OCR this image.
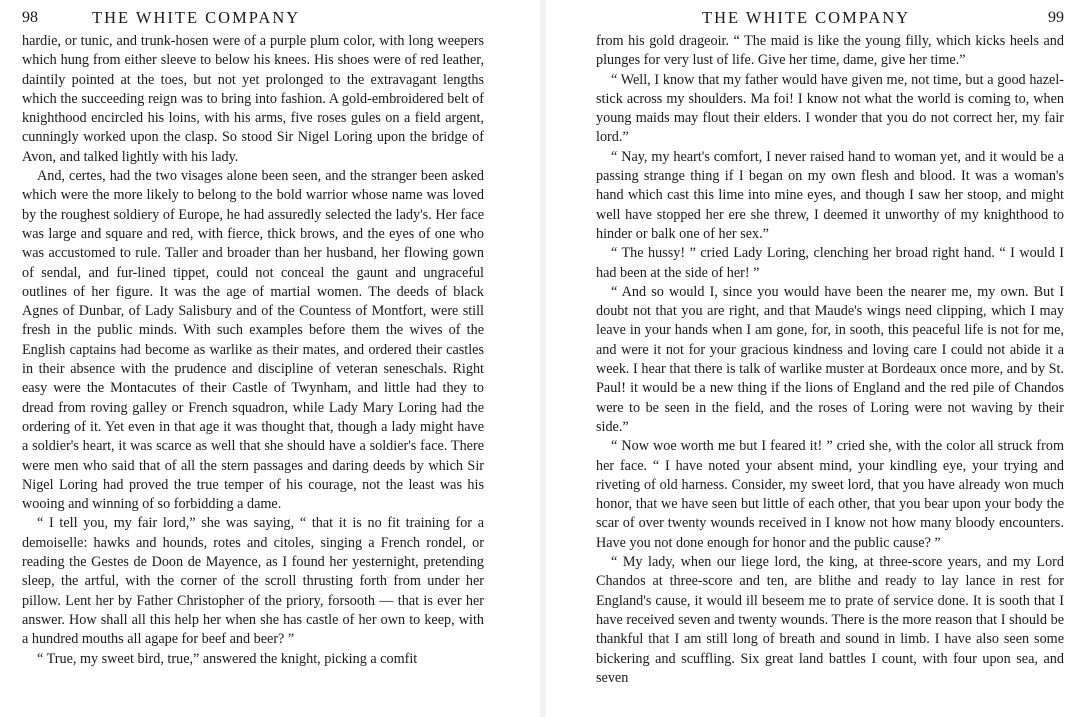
98	THE WHITE COMPANY

hardie, or tunic, and trunk-hosen were of a purple plum color, with long weepers which hung from either sleeve to below his knees. His shoes were of red leather, daintily pointed at the toes, but not yet prolonged to the extravagant lengths which the succeeding reign was to bring into fashion. A gold-embroidered belt of knighthood encircled his loins, with his arms, five roses gules on a field argent, cunningly worked upon the clasp. So stood Sir Nigel Loring upon the bridge of Avon, and talked lightly with his lady.

And, certes, had the two visages alone been seen, and the stranger been asked which were the more likely to belong to the bold warrior whose name was loved by the roughest soldiery of Europe, he had assuredly selected the lady's. Her face was large and square and red, with fierce, thick brows, and the eyes of one who was accustomed to rule. Taller and broader than her husband, her flowing gown of sendal, and fur-lined tippet, could not conceal the gaunt and ungraceful outlines of her figure. It was the age of martial women. The deeds of black Agnes of Dunbar, of Lady Salisbury and of the Countess of Montfort, were still fresh in the public minds. With such examples before them the wives of the English captains had become as warlike as their mates, and ordered their castles in their absence with the prudence and discipline of veteran seneschals. Right easy were the Montacutes of their Castle of Twynham, and little had they to dread from roving galley or French squadron, while Lady Mary Loring had the ordering of it. Yet even in that age it was thought that, though a lady might have a soldier's heart, it was scarce as well that she should have a soldier's face. There were men who said that of all the stern passages and daring deeds by which Sir Nigel Loring had proved the true temper of his courage, not the least was his wooing and winning of so forbidding a dame.

“ I tell you, my fair lord,” she was saying, “ that it is no fit training for a demoiselle: hawks and hounds, rotes and citoles, singing a French rondel, or reading the Gestes de Doon de Mayence, as I found her yesternight, pretending sleep, the artful, with the corner of the scroll thrusting forth from under her pillow. Lent her by Father Christopher of the priory, forsooth — that is ever her answer. How shall all this help her when she has castle of her own to keep, with a hundred mouths all agape for beef and beer? ”

“ True, my sweet bird, true,” answered the knight, picking a comfit

THE WHITE COMPANY	99

from his gold drageoir. “ The maid is like the young filly, which kicks heels and plunges for very lust of life. Give her time, dame, give her time.”

“ Well, I know that my father would have given me, not time, but a good hazel-stick across my shoulders. Ma foi! I know not what the world is coming to, when young maids may flout their elders. I wonder that you do not correct her, my fair lord.”

“ Nay, my heart's comfort, I never raised hand to woman yet, and it would be a passing strange thing if I began on my own flesh and blood. It was a woman's hand which cast this lime into mine eyes, and though I saw her stoop, and might well have stopped her ere she threw, I deemed it unworthy of my knighthood to hinder or balk one of her sex.”

“ The hussy! ” cried Lady Loring, clenching her broad right hand. “ I would I had been at the side of her! ”

“ And so would I, since you would have been the nearer me, my own. But I doubt not that you are right, and that Maude's wings need clipping, which I may leave in your hands when I am gone, for, in sooth, this peaceful life is not for me, and were it not for your gracious kindness and loving care I could not abide it a week. I hear that there is talk of warlike muster at Bordeaux once more, and by St. Paul! it would be a new thing if the lions of England and the red pile of Chandos were to be seen in the field, and the roses of Loring were not waving by their side.”

“ Now woe worth me but I feared it! ” cried she, with the color all struck from her face. “ I have noted your absent mind, your kindling eye, your trying and riveting of old harness. Consider, my sweet lord, that you have already won much honor, that we have seen but little of each other, that you bear upon your body the scar of over twenty wounds received in I know not how many bloody encounters. Have you not done enough for honor and the public cause? ”

“ My lady, when our liege lord, the king, at three-score years, and my Lord Chandos at three-score and ten, are blithe and ready to lay lance in rest for England's cause, it would ill beseem me to prate of service done. It is sooth that I have received seven and twenty wounds. There is the more reason that I should be thankful that I am still long of breath and sound in limb. I have also seen some bickering and scuffling. Six great land battles I count, with four upon sea, and seven
